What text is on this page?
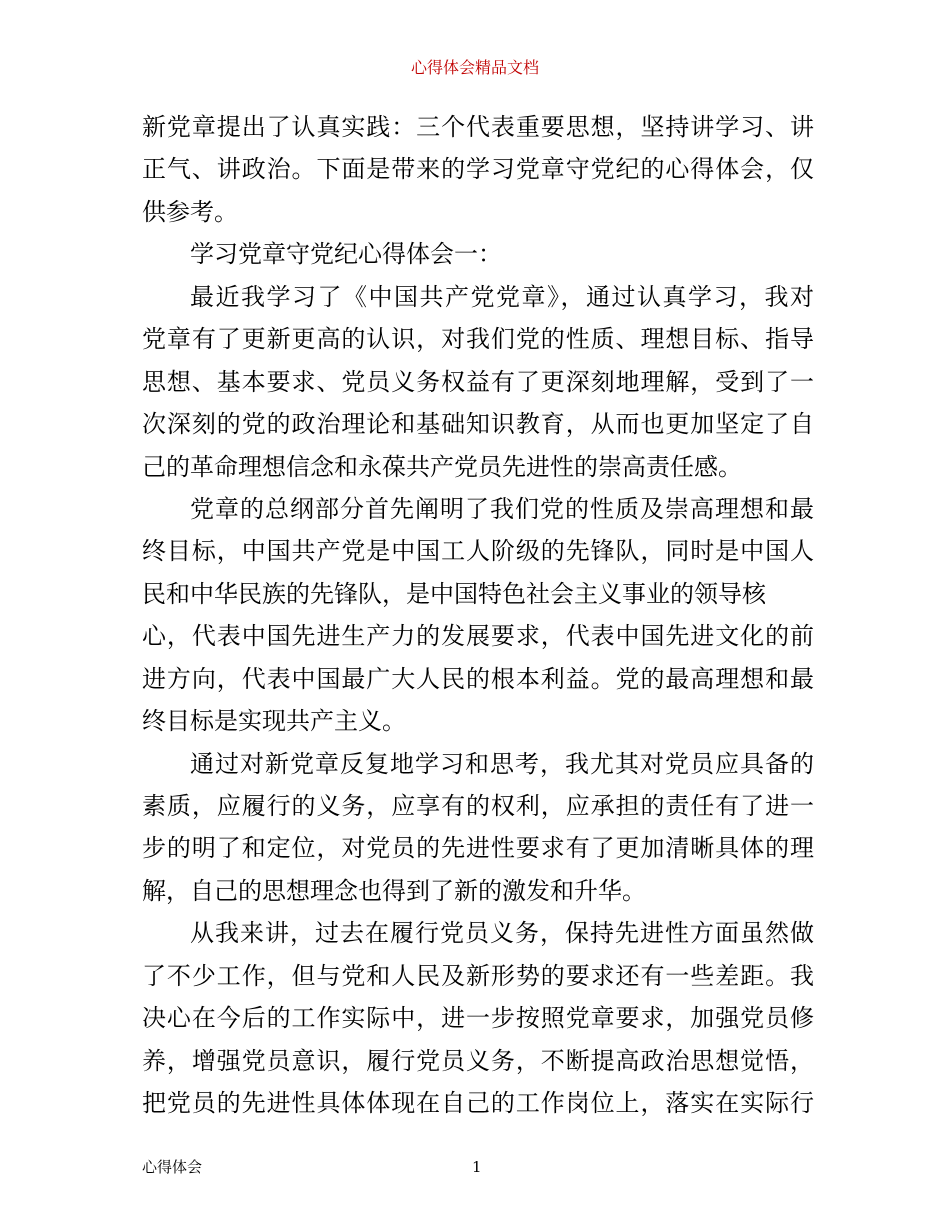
心得体会精品文档
新党章提出了认真实践：三个代表重要思想，坚持讲学习、讲
正气、讲政治。下面是带来的学习党章守党纪的心得体会，仅
供参考。
学习党章守党纪心得体会一：
最近我学习了《中国共产党党章》，通过认真学习，我对
党章有了更新更高的认识，对我们党的性质、理想目标、指导
思想、基本要求、党员义务权益有了更深刻地理解，受到了一
次深刻的党的政治理论和基础知识教育，从而也更加坚定了自
己的革命理想信念和永葆共产党员先进性的崇高责任感。
党章的总纲部分首先阐明了我们党的性质及崇高理想和最
终目标，中国共产党是中国工人阶级的先锋队，同时是中国人
民和中华民族的先锋队，是中国特色社会主义事业的领导核
心，代表中国先进生产力的发展要求，代表中国先进文化的前
进方向，代表中国最广大人民的根本利益。党的最高理想和最
终目标是实现共产主义。
通过对新党章反复地学习和思考，我尤其对党员应具备的
素质，应履行的义务，应享有的权利，应承担的责任有了进一
步的明了和定位，对党员的先进性要求有了更加清晰具体的理
解，自己的思想理念也得到了新的激发和升华。
从我来讲，过去在履行党员义务，保持先进性方面虽然做
了不少工作，但与党和人民及新形势的要求还有一些差距。我
决心在今后的工作实际中，进一步按照党章要求，加强党员修
养，增强党员意识，履行党员义务，不断提高政治思想觉悟，
把党员的先进性具体体现在自己的工作岗位上，落实在实际行
心得体会	1
